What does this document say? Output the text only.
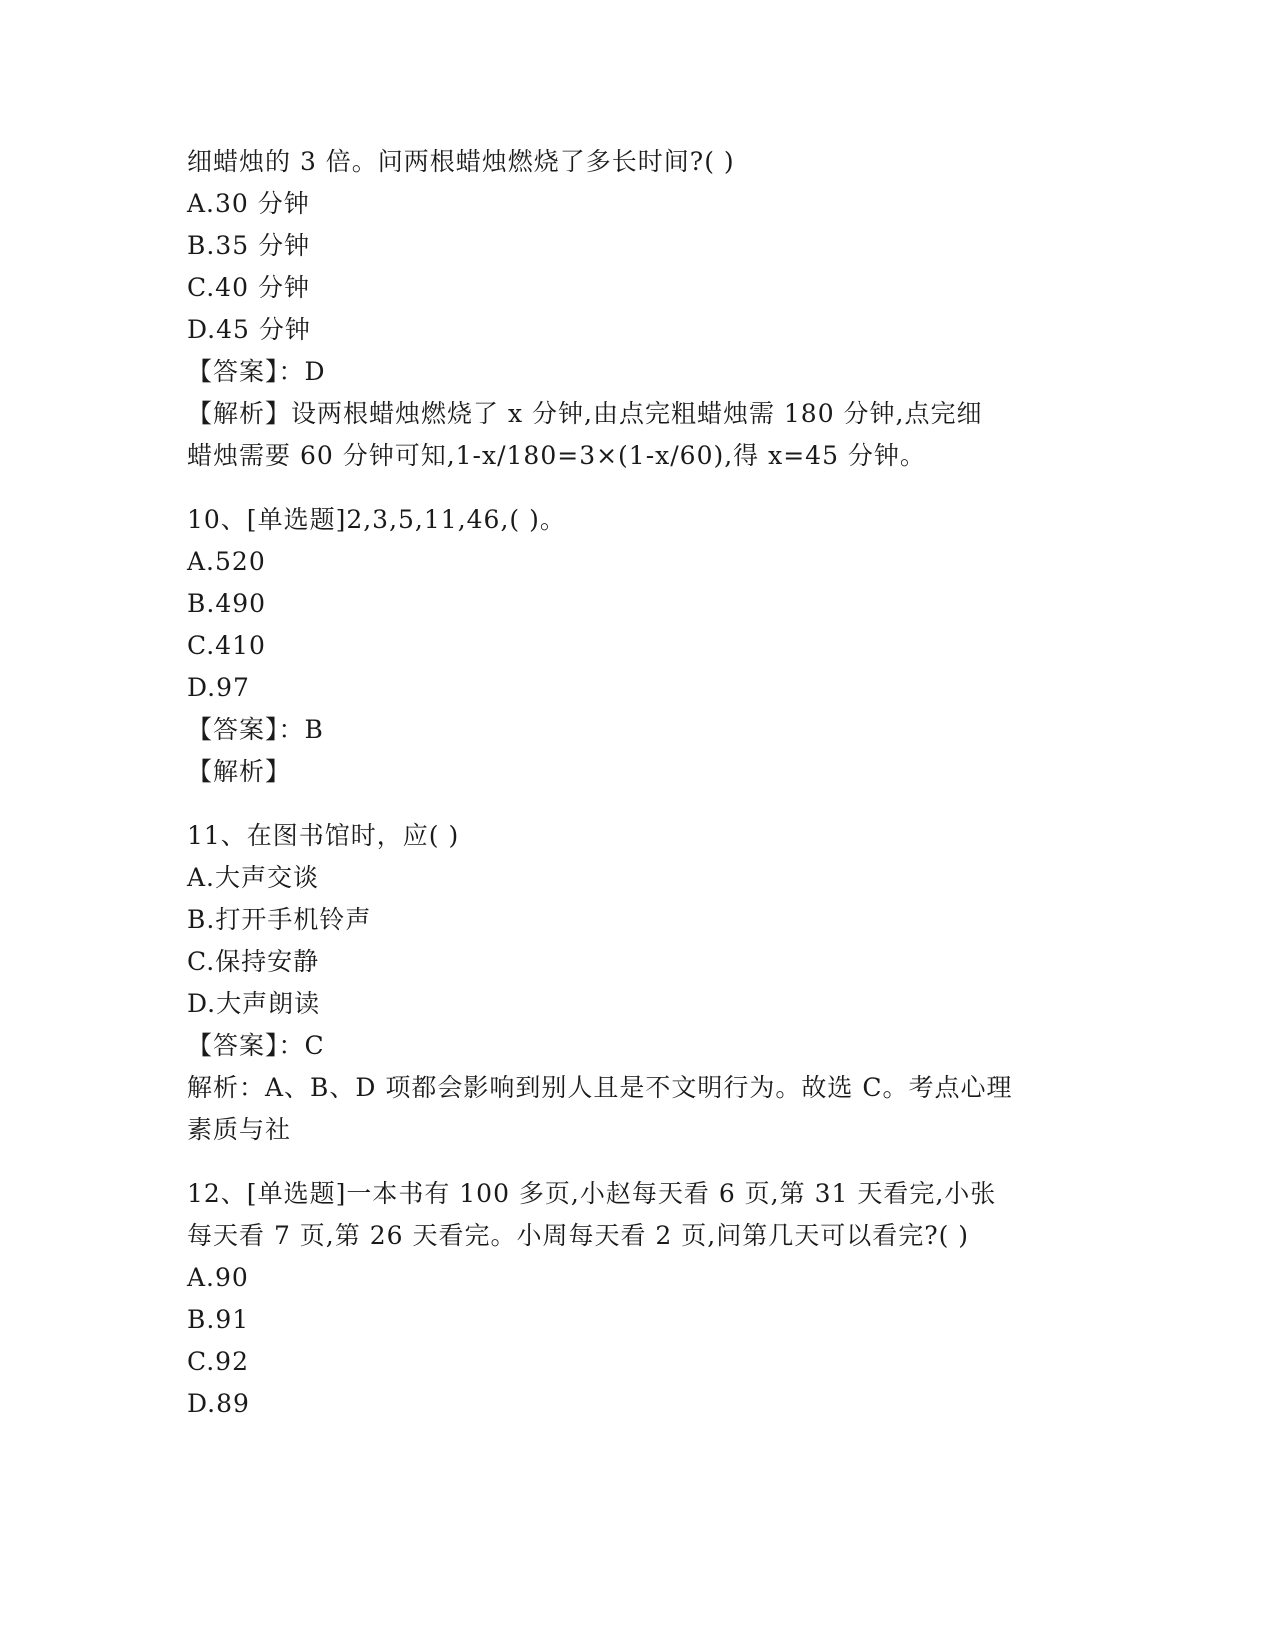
细蜡烛的 3 倍。问两根蜡烛燃烧了多长时间?( )
A.30 分钟
B.35 分钟
C.40 分钟
D.45 分钟
【答案】：D
【解析】设两根蜡烛燃烧了 x 分钟,由点完粗蜡烛需 180 分钟,点完细
蜡烛需要 60 分钟可知,1-x/180=3×(1-x/60),得 x=45 分钟。
10、[单选题]2,3,5,11,46,( )。
A.520
B.490
C.410
D.97
【答案】：B
【解析】
11、在图书馆时，应( )
A.大声交谈
B.打开手机铃声
C.保持安静
D.大声朗读
【答案】：C
解析：A、B、D 项都会影响到别人且是不文明行为。故选 C。考点心理
素质与社
12、[单选题]一本书有 100 多页,小赵每天看 6 页,第 31 天看完,小张
每天看 7 页,第 26 天看完。小周每天看 2 页,问第几天可以看完?( )
A.90
B.91
C.92
D.89
